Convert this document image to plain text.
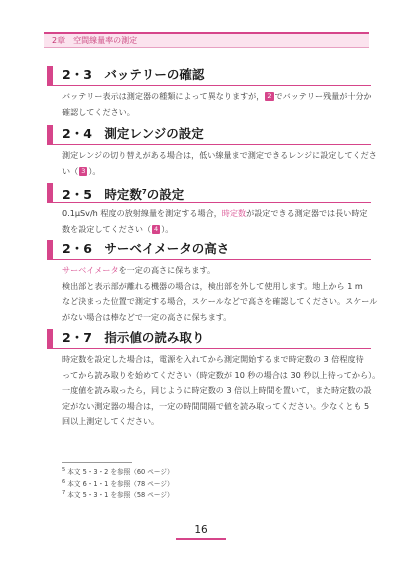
2章　空間線量率の測定
2・3　バッテリーの確認
バッテリー表示は測定器の種類によって異なりますが， 2 でバッテリー残量が十分か
確認してください。
2・4　測定レンジの設定
測定レンジの切り替えがある場合は，低い線量まで測定できるレンジに設定してくださ
い（ 3 ）。
2・5　時定数$^7$の設定
0.1μSv/h 程度の放射線量を測定する場合，時定数が設定できる測定器では長い時定
数を設定してください（ 4 ）。
2・6　サーベイメータの高さ
サーベイメータを一定の高さに保ちます。
検出部と表示部が離れる機器の場合は，検出部を外して使用します。地上から 1 m
など決まった位置で測定する場合，スケールなどで高さを確認してください。スケール
がない場合は棒などで一定の高さに保ちます。
2・7　指示値の読み取り
時定数を設定した場合は，電源を入れてから測定開始するまで時定数の 3 倍程度待
ってから読み取りを始めてください（時定数が 10 秒の場合は 30 秒以上待ってから）。
一度値を読み取ったら，同じように時定数の 3 倍以上時間を置いて，また時定数の設
定がない測定器の場合は，一定の時間間隔で値を読み取ってください。少なくとも 5
回以上測定してください。
$^5$ 本文 5・3・2 を参照（60 ページ）
$^6$ 本文 6・1・1 を参照（78 ページ）
$^7$ 本文 5・3・1 を参照（58 ページ）
16
